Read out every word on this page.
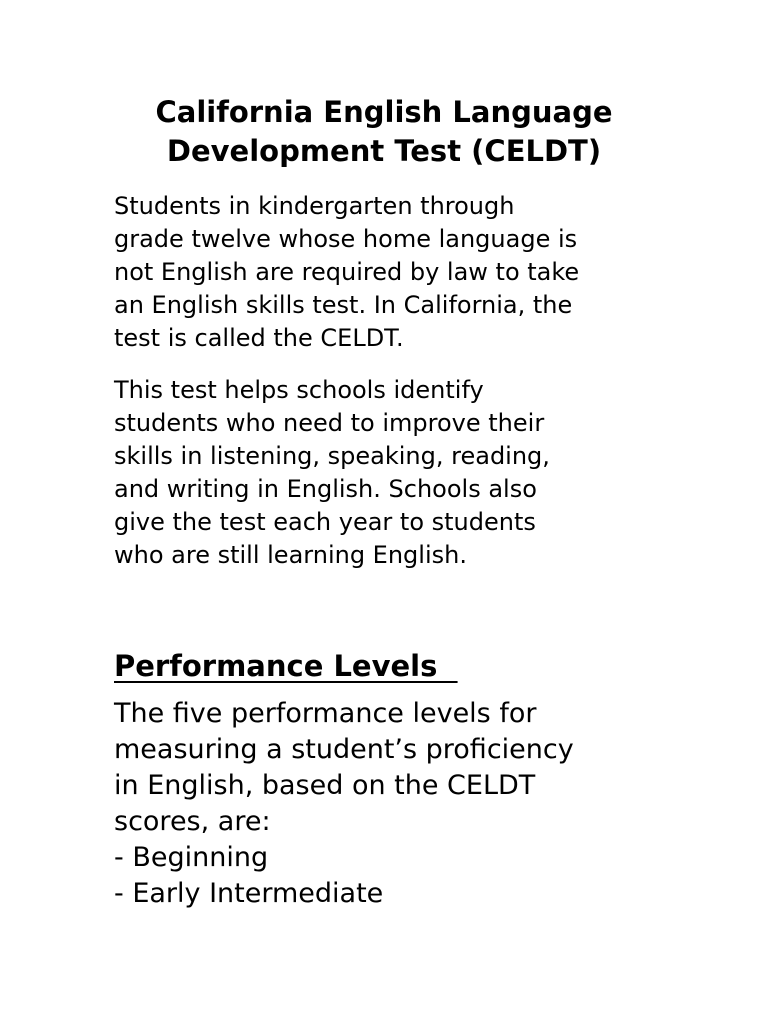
California English Language
Development Test (CELDT)

Students in kindergarten through
grade twelve whose home language is
not English are required by law to take
an English skills test. In California, the
test is called the CELDT.

This test helps schools identify
students who need to improve their
skills in listening, speaking, reading,
and writing in English. Schools also
give the test each year to students
who are still learning English.

Performance Levels

The five performance levels for
measuring a student’s proficiency
in English, based on the CELDT
scores, are:
- Beginning
- Early Intermediate
